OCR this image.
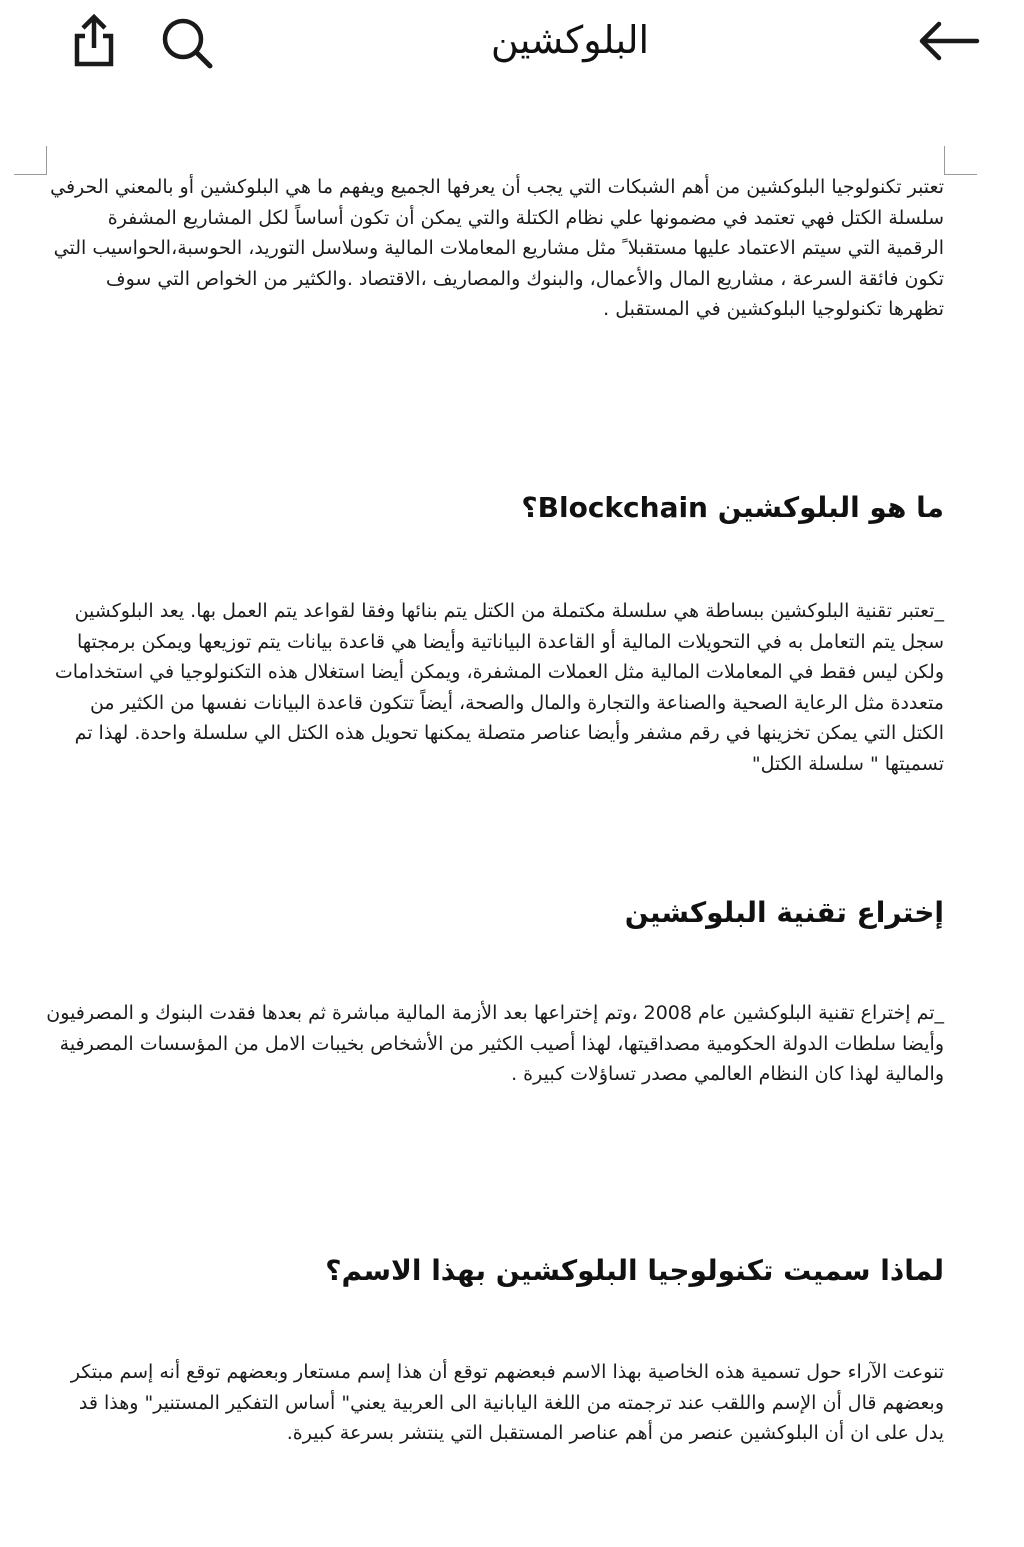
البلوكشين

تعتبر تكنولوجيا البلوكشين من أهم الشبكات التي يجب أن يعرفها الجميع ويفهم ما هي البلوكشين أو بالمعني الحرفي سلسلة الكتل فهي تعتمد في مضمونها علي نظام الكتلة والتي يمكن أن تكون أساساً لكل المشاريع المشفرة الرقمية التي سيتم الاعتماد عليها مستقبلا ً مثل مشاريع المعاملات المالية وسلاسل التوريد، الحوسبة،الحواسيب التي تكون فائقة السرعة ، مشاريع المال والأعمال، والبنوك والمصاريف ،الاقتصاد .والكثير من الخواص التي سوف تظهرها تكنولوجيا البلوكشين في المستقبل .

ما هو البلوكشين Blockchain؟

_تعتبر تقنية البلوكشين ببساطة هي سلسلة مكتملة من الكتل يتم بنائها وفقا لقواعد يتم العمل بها. يعد البلوكشين سجل يتم التعامل به في التحويلات المالية أو القاعدة البياناتية وأيضا هي قاعدة بيانات يتم توزيعها ويمكن برمجتها ولكن ليس فقط في المعاملات المالية مثل العملات المشفرة، ويمكن أيضا استغلال هذه التكنولوجيا في استخدامات متعددة مثل الرعاية الصحية والصناعة والتجارة والمال والصحة، أيضاً تتكون قاعدة البيانات نفسها من الكثير من الكتل التي يمكن تخزينها في رقم مشفر وأيضا عناصر متصلة يمكنها تحويل هذه الكتل الي سلسلة واحدة. لهذا تم تسميتها " سلسلة الكتل"

إختراع تقنية البلوكشين

_تم إختراع تقنية البلوكشين عام 2008 ،وتم إختراعها بعد الأزمة المالية مباشرة ثم بعدها فقدت البنوك و المصرفيون وأيضا سلطات الدولة الحكومية مصداقيتها، لهذا أصيب الكثير من الأشخاص بخيبات الامل من المؤسسات المصرفية والمالية لهذا كان النظام العالمي مصدر تساؤلات كبيرة .

لماذا سميت تكنولوجيا البلوكشين بهذا الاسم؟

تنوعت الآراء حول تسمية هذه الخاصية بهذا الاسم فبعضهم توقع أن هذا إسم مستعار وبعضهم توقع أنه إسم مبتكر وبعضهم قال أن الإسم واللقب عند ترجمته من اللغة اليابانية الى العربية يعني" أساس التفكير المستنير" وهذا قد يدل على ان أن البلوكشين عنصر من أهم عناصر المستقبل التي ينتشر بسرعة كبيرة.
